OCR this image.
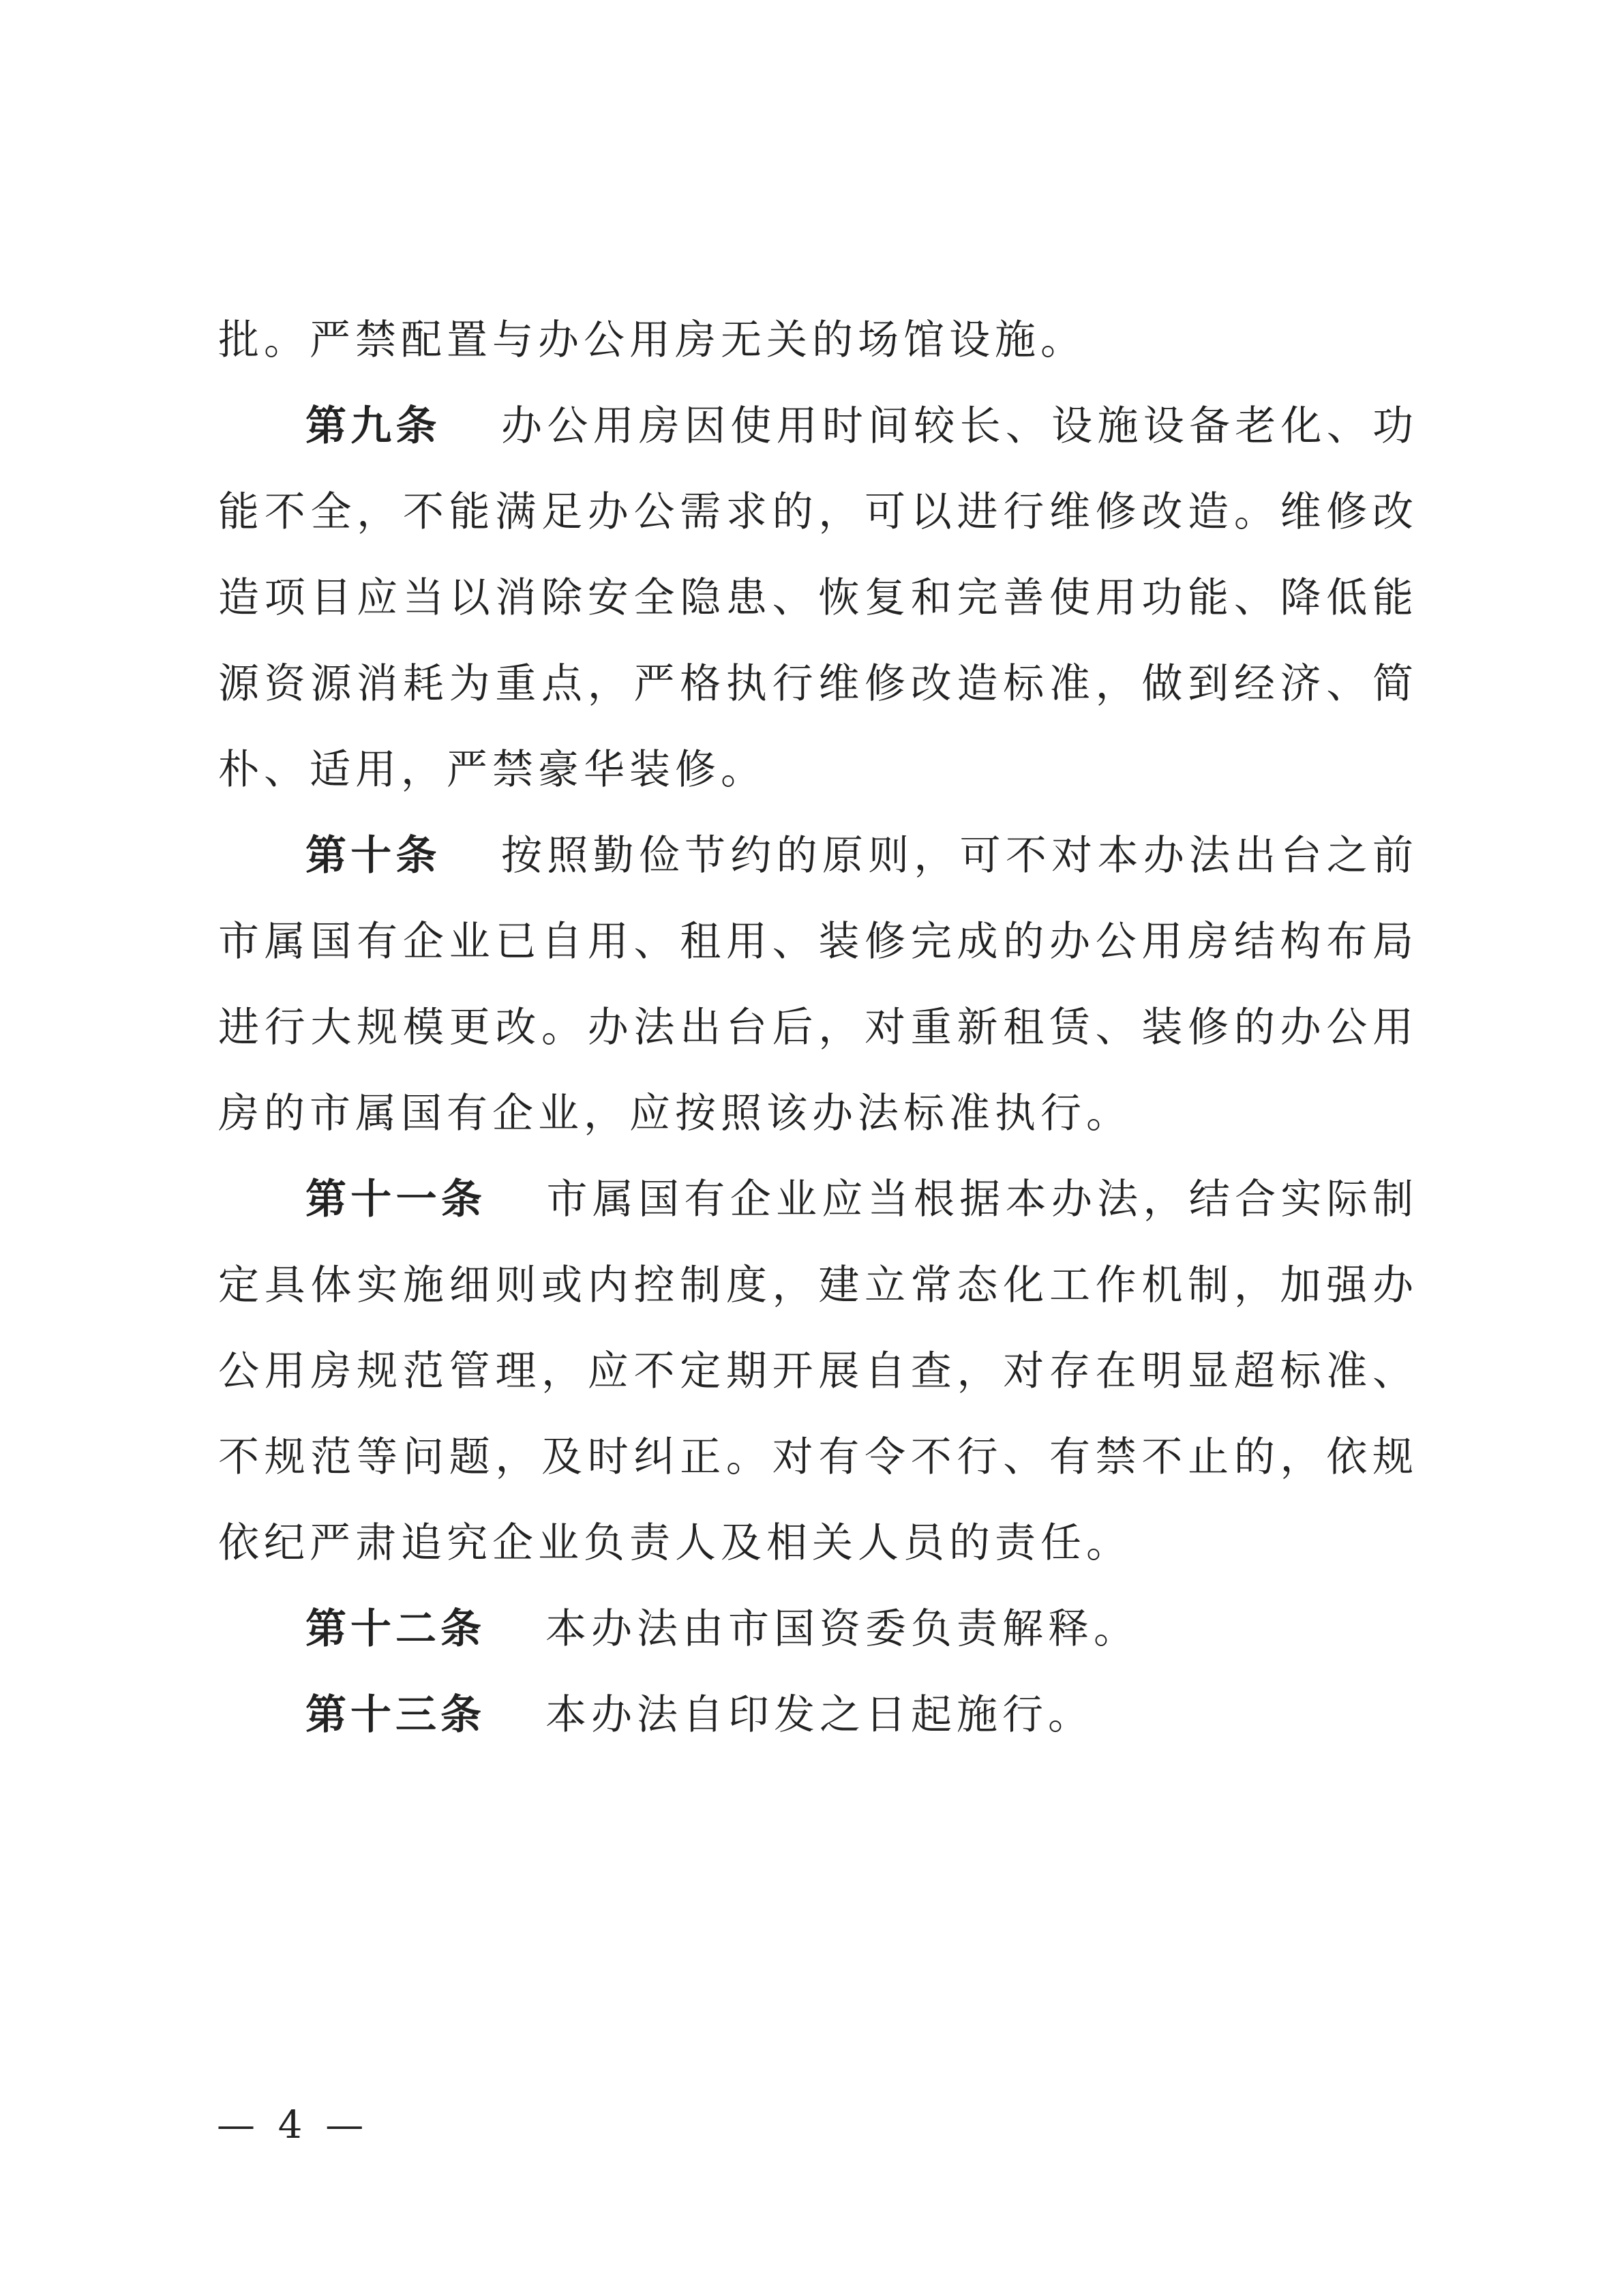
批。严禁配置与办公用房无关的场馆设施。

第九条 办公用房因使用时间较长、设施设备老化、功能不全，不能满足办公需求的，可以进行维修改造。维修改造项目应当以消除安全隐患、恢复和完善使用功能、降低能源资源消耗为重点，严格执行维修改造标准，做到经济、简朴、适用，严禁豪华装修。

第十条 按照勤俭节约的原则，可不对本办法出台之前市属国有企业已自用、租用、装修完成的办公用房结构布局进行大规模更改。办法出台后，对重新租赁、装修的办公用房的市属国有企业，应按照该办法标准执行。

第十一条 市属国有企业应当根据本办法，结合实际制定具体实施细则或内控制度，建立常态化工作机制，加强办公用房规范管理，应不定期开展自查，对存在明显超标准、不规范等问题，及时纠正。对有令不行、有禁不止的，依规依纪严肃追究企业负责人及相关人员的责任。

第十二条 本办法由市国资委负责解释。

第十三条 本办法自印发之日起施行。

— 4 —
